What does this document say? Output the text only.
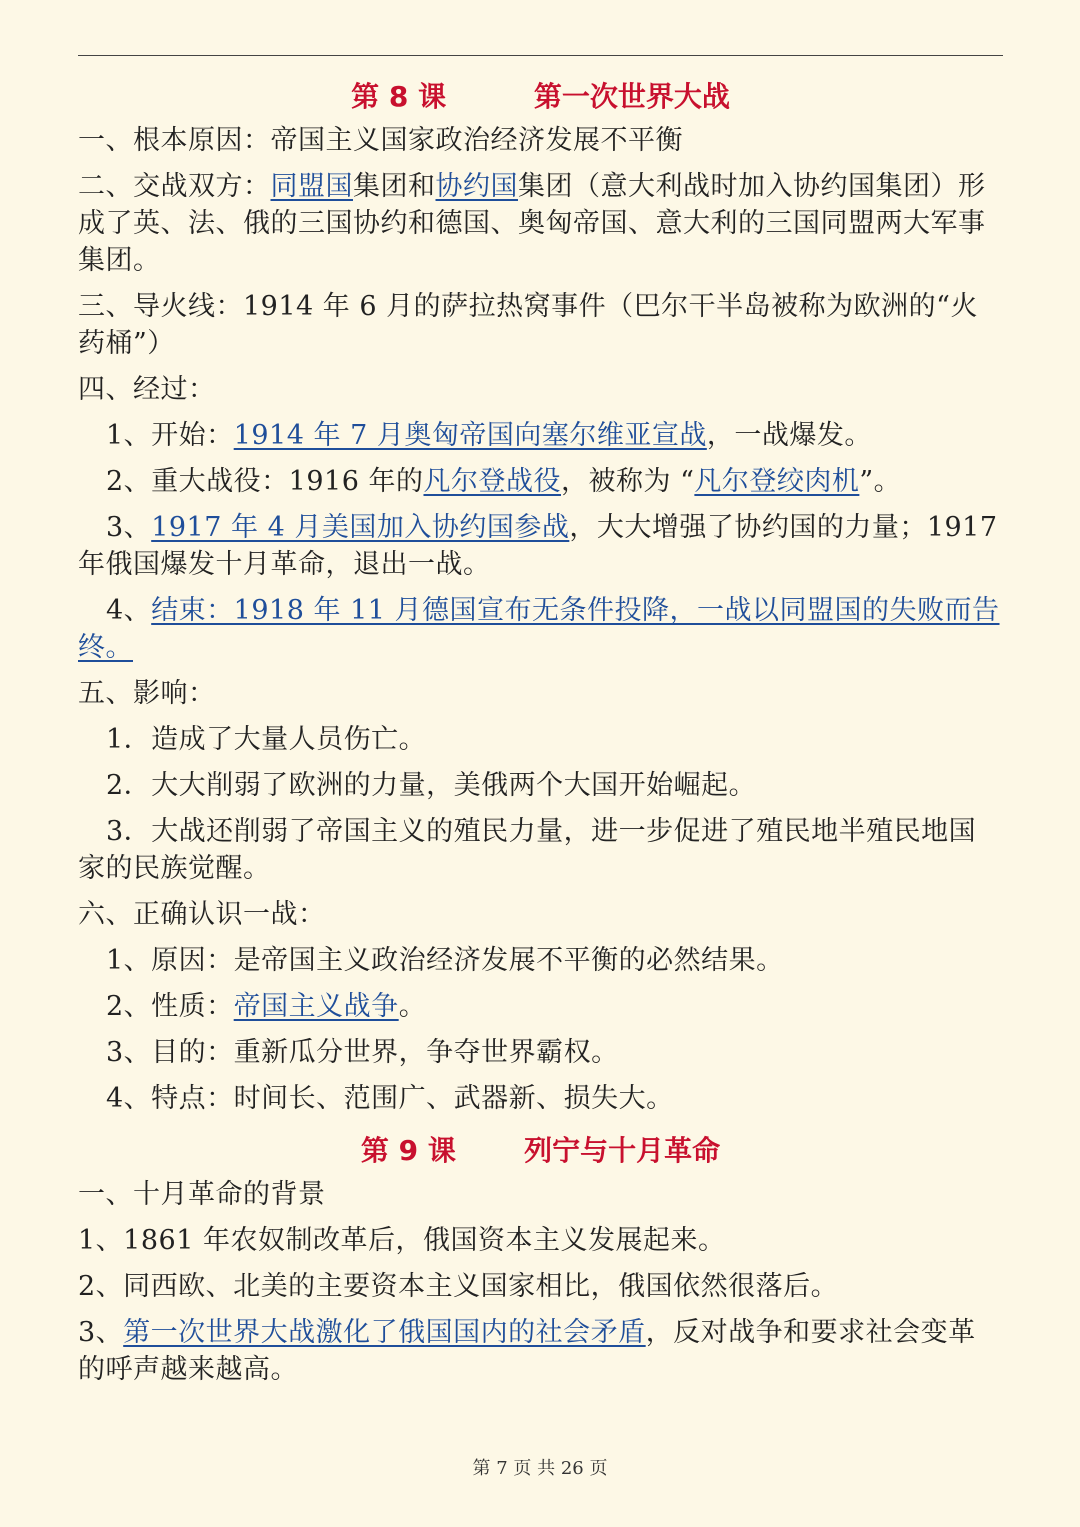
第 8 课         第一次世界大战

一、根本原因：帝国主义国家政治经济发展不平衡

二、交战双方：同盟国集团和协约国集团（意大利战时加入协约国集团）形成了英、法、俄的三国协约和德国、奥匈帝国、意大利的三国同盟两大军事集团。

三、导火线：1914 年 6 月的萨拉热窝事件（巴尔干半岛被称为欧洲的“火药桶”）

四、经过：

1、开始：1914 年 7 月奥匈帝国向塞尔维亚宣战，一战爆发。

2、重大战役：1916 年的凡尔登战役，被称为 “凡尔登绞肉机”。

3、1917 年 4 月美国加入协约国参战，大大增强了协约国的力量；1917 年俄国爆发十月革命，退出一战。

4、结束：1918 年 11 月德国宣布无条件投降，一战以同盟国的失败而告终。

五、影响：

1．造成了大量人员伤亡。

2．大大削弱了欧洲的力量，美俄两个大国开始崛起。

3．大战还削弱了帝国主义的殖民力量，进一步促进了殖民地半殖民地国家的民族觉醒。

六、正确认识一战：

1、原因：是帝国主义政治经济发展不平衡的必然结果。

2、性质：帝国主义战争。

3、目的：重新瓜分世界，争夺世界霸权。

4、特点：时间长、范围广、武器新、损失大。

第 9 课       列宁与十月革命

一、十月革命的背景

1、1861 年农奴制改革后，俄国资本主义发展起来。

2、同西欧、北美的主要资本主义国家相比，俄国依然很落后。

3、第一次世界大战激化了俄国国内的社会矛盾，反对战争和要求社会变革的呼声越来越高。

第 7 页 共 26 页
